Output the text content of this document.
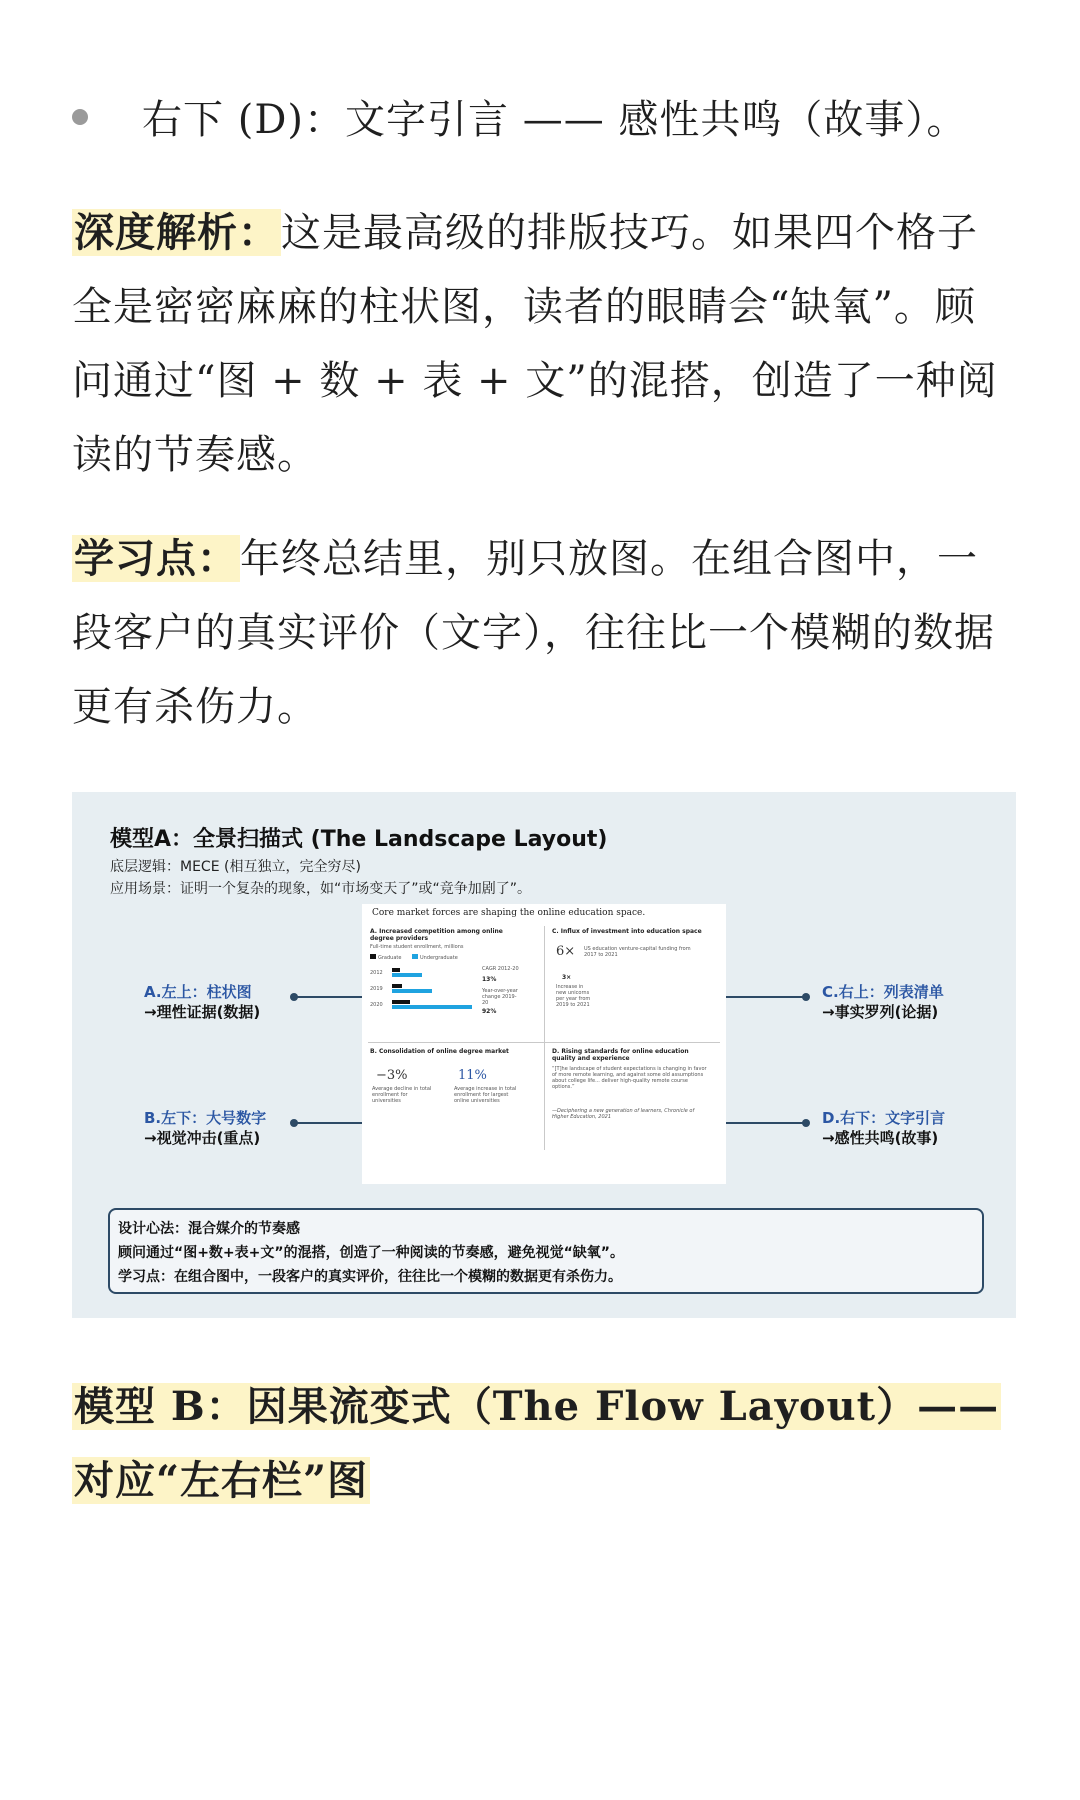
右下 (D)：文字引言 —— 感性共鸣（故事）。
深度解析：这是最高级的排版技巧。如果四个格子全是密密麻麻的柱状图，读者的眼睛会“缺氧”。顾问通过“图 + 数 + 表 + 文”的混搭，创造了一种阅读的节奏感。
学习点：年终总结里，别只放图。在组合图中，一段客户的真实评价（文字），往往比一个模糊的数据更有杀伤力。
模型A：全景扫描式 (The Landscape Layout)
底层逻辑：MECE (相互独立，完全穷尽)
应用场景：证明一个复杂的现象，如“市场变天了”或“竞争加剧了”。
A.左上：柱状图
→理性证据(数据)
B.左下：大号数字
→视觉冲击(重点)
C.右上：列表清单
→事实罗列(论据)
D.右下：文字引言
→感性共鸣(故事)
Core market forces are shaping the online education space.
A. Increased competition among online degree providers
Full-time student enrollment, millions
Graduate	Undergraduate
2012
2019
2020
CAGR 2012-20
13%
Year-over-year change 2019-20
92%
B. Consolidation of online degree market
−3%
Average decline in total enrollment for universities
11%
Average increase in total enrollment for largest online universities
C. Influx of investment into education space
6× US education venture-capital funding from 2017 to 2021
3×
Increase in new unicorns per year from 2019 to 2021
D. Rising standards for online education quality and experience
“[T]he landscape of student expectations is changing in favor of more remote learning, and against some old assumptions about college life... deliver high-quality remote course options.”
—Deciphering a new generation of learners, Chronicle of Higher Education, 2021
设计心法：混合媒介的节奏感
顾问通过“图+数+表+文”的混搭，创造了一种阅读的节奏感，避免视觉“缺氧”。
学习点：在组合图中，一段客户的真实评价，往往比一个模糊的数据更有杀伤力。
模型 B：因果流变式（The Flow Layout）——
对应“左右栏”图
